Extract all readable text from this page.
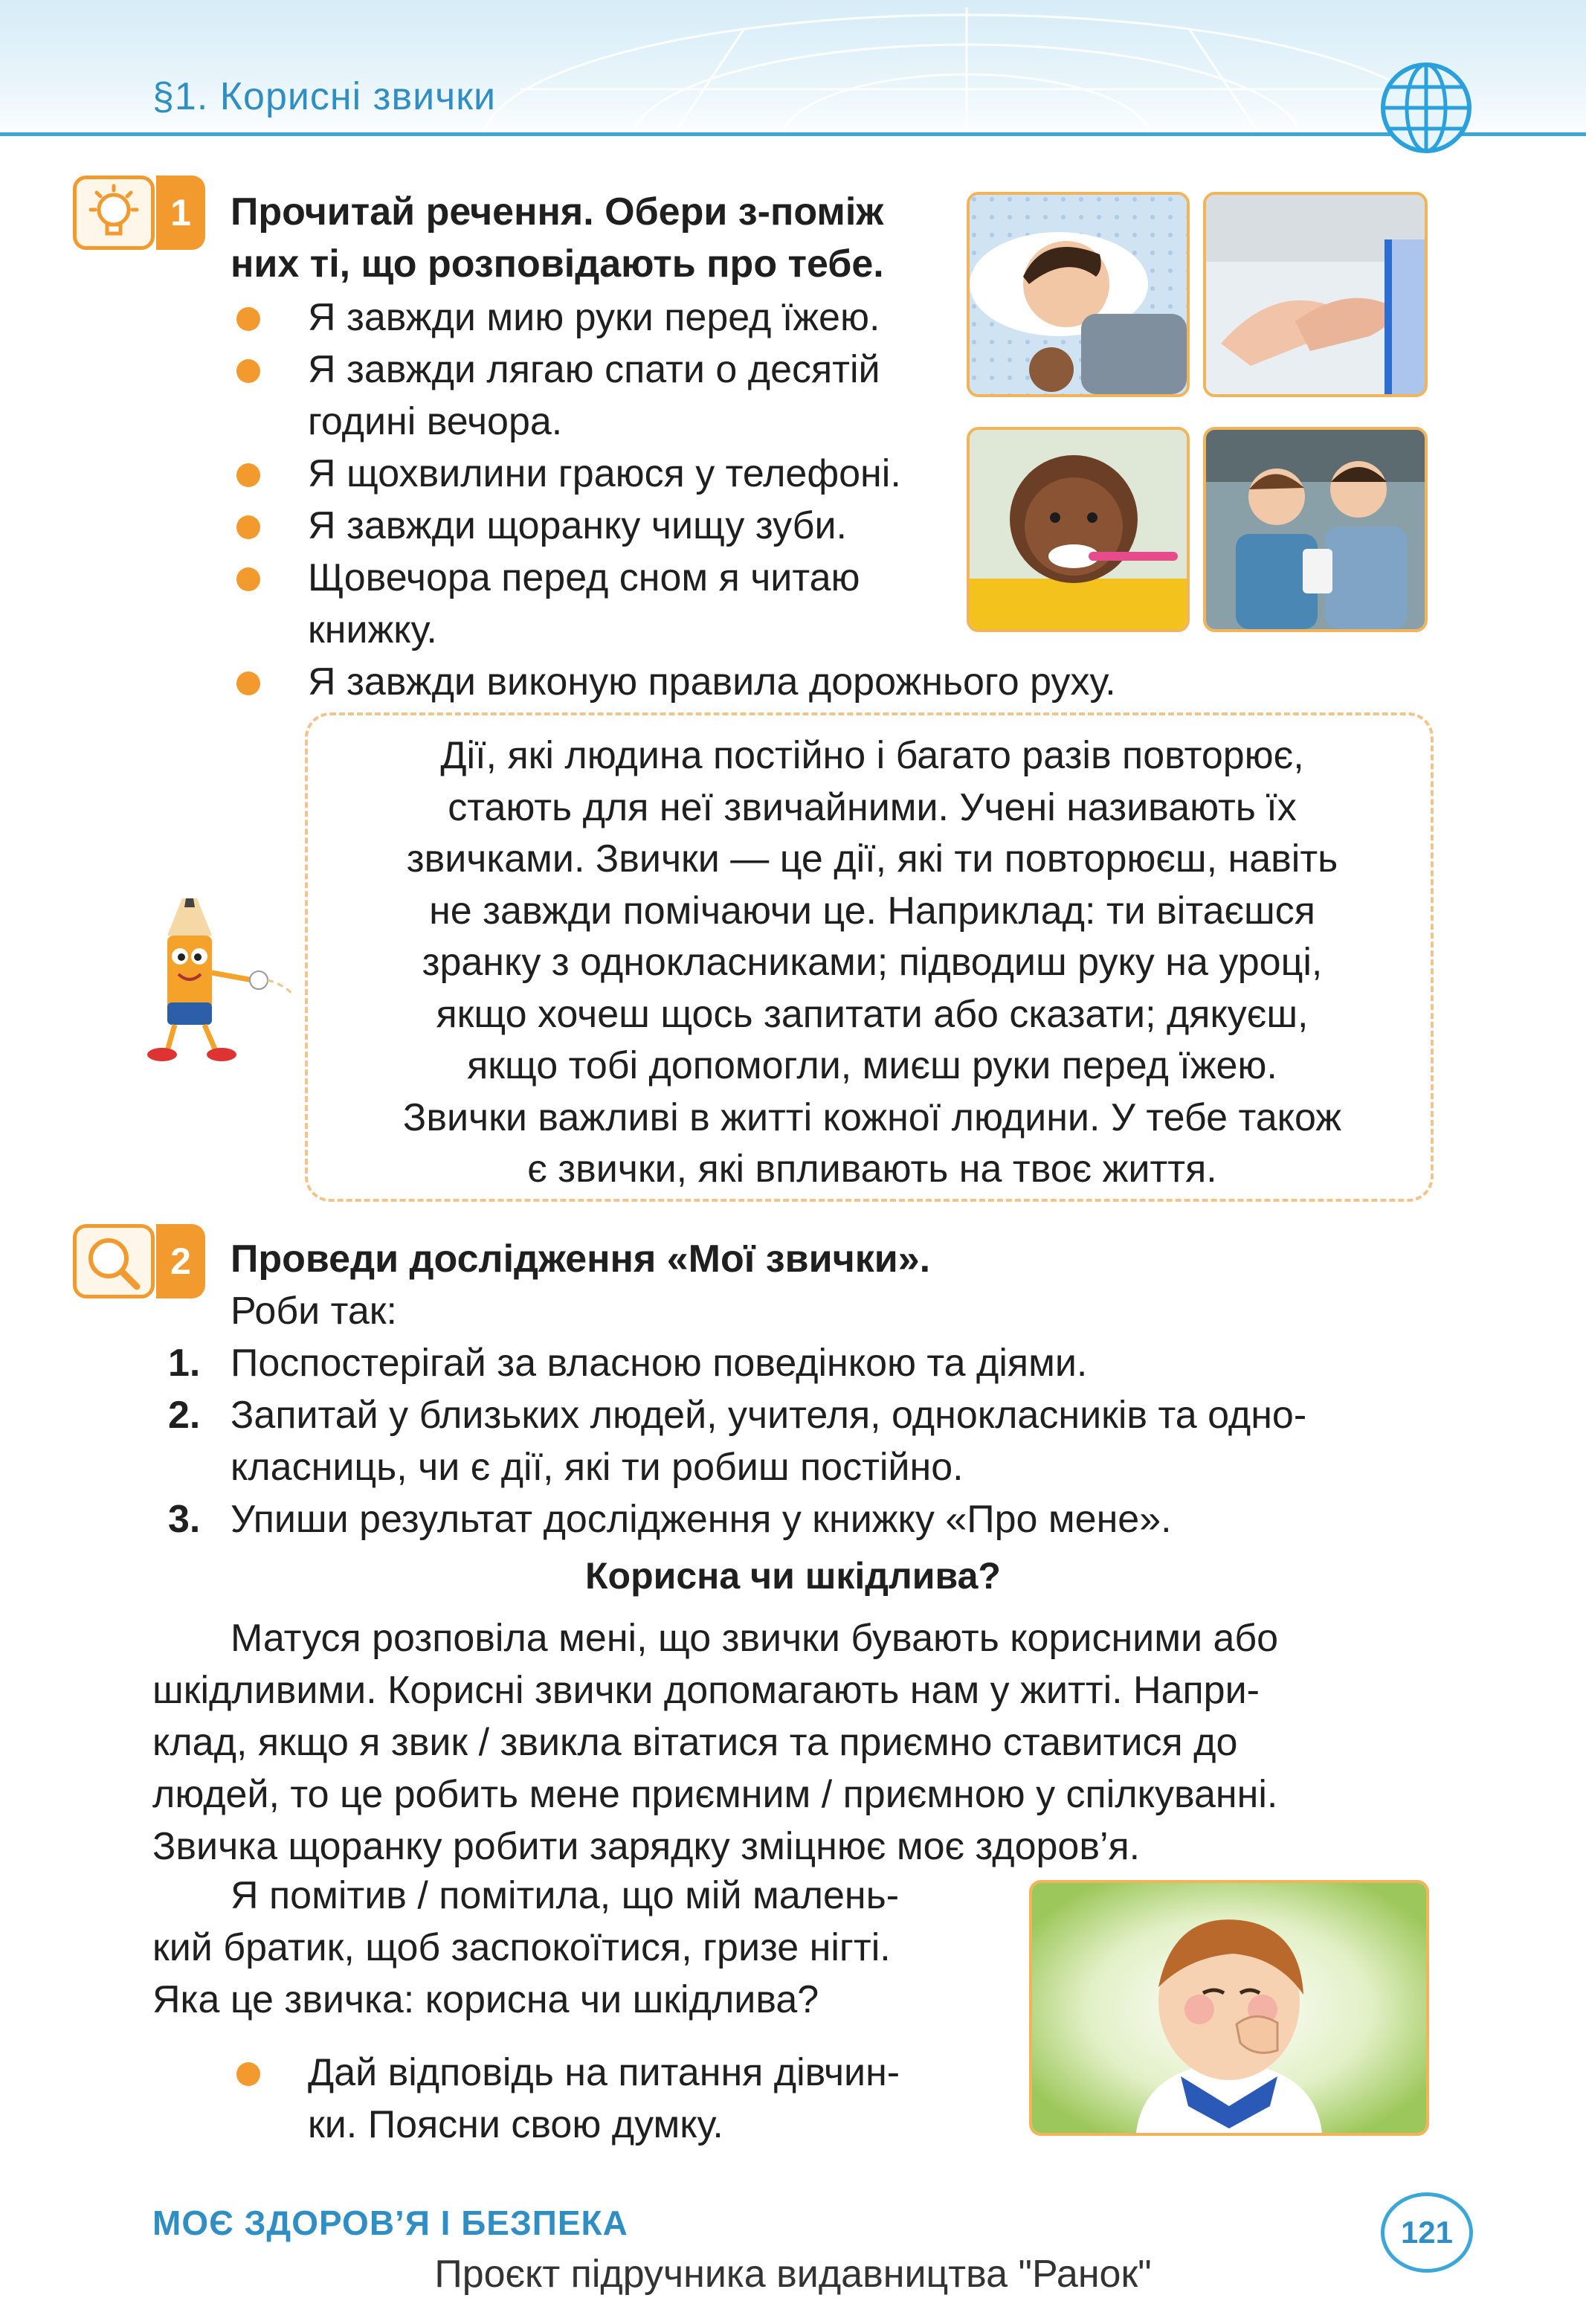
§1. Корисні звички
1	Прочитай речення. Обери з-поміж
них ті, що розповідають про тебе.
Я завжди мию руки перед їжею.
Я завжди лягаю спати о десятій
годині вечора.
Я щохвилини граюся у телефоні.
Я завжди щоранку чищу зуби.
Щовечора перед сном я читаю
книжку.
Я завжди виконую правила дорожнього руху.

Дії, які людина постійно і багато разів повторює,
стають для неї звичайними. Учені називають їх
звичками. Звички — це дії, які ти повторюєш, навіть
не завжди помічаючи це. Наприклад: ти вітаєшся
зранку з однокласниками; підводиш руку на уроці,
якщо хочеш щось запитати або сказати; дякуєш,
якщо тобі допомогли, миєш руки перед їжею.
Звички важливі в житті кожної людини. У тебе також
є звички, які впливають на твоє життя.

2	Проведи дослідження «Мої звички».
Роби так:
1. Поспостерігай за власною поведінкою та діями.
2. Запитай у близьких людей, учителя, однокласників та одно-
класниць, чи є дії, які ти робиш постійно.
3. Упиши результат дослідження у книжку «Про мене».
Корисна чи шкідлива?
Матуся розповіла мені, що звички бувають корисними або
шкідливими. Корисні звички допомагають нам у житті. Напри-
клад, якщо я звик / звикла вітатися та приємно ставитися до
людей, то це робить мене приємним / приємною у спілкуванні.
Звичка щоранку робити зарядку зміцнює моє здоров’я.
Я помітив / помітила, що мій малень-
кий братик, щоб заспокоїтися, гризе нігті.
Яка це звичка: корисна чи шкідлива?
Дай відповідь на питання дівчин-
ки. Поясни свою думку.
МОЄ ЗДОРОВ’Я І БЕЗПЕКА	121
Проєкт підручника видавництва "Ранок"
